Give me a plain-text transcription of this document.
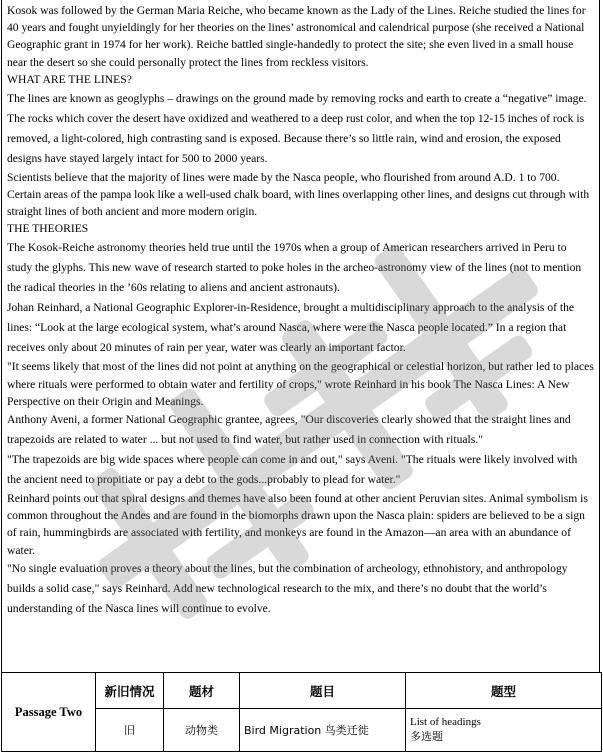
Kosok was followed by the German Maria Reiche, who became known as the Lady of the Lines. Reiche studied the lines for 40 years and fought unyieldingly for her theories on the lines’ astronomical and calendrical purpose (she received a National Geographic grant in 1974 for her work). Reiche battled single-handedly to protect the site; she even lived in a small house near the desert so she could personally protect the lines from reckless visitors.

WHAT ARE THE LINES?

The lines are known as geoglyphs – drawings on the ground made by removing rocks and earth to create a “negative” image. The rocks which cover the desert have oxidized and weathered to a deep rust color, and when the top 12-15 inches of rock is removed, a light-colored, high contrasting sand is exposed. Because there’s so little rain, wind and erosion, the exposed designs have stayed largely intact for 500 to 2000 years.

Scientists believe that the majority of lines were made by the Nasca people, who flourished from around A.D. 1 to 700.

Certain areas of the pampa look like a well-used chalk board, with lines overlapping other lines, and designs cut through with straight lines of both ancient and more modern origin.

THE THEORIES

The Kosok-Reiche astronomy theories held true until the 1970s when a group of American researchers arrived in Peru to study the glyphs. This new wave of research started to poke holes in the archeo-astronomy view of the lines (not to mention the radical theories in the ’60s relating to aliens and ancient astronauts).

Johan Reinhard, a National Geographic Explorer-in-Residence, brought a multidisciplinary approach to the analysis of the lines: “Look at the large ecological system, what’s around Nasca, where were the Nasca people located.” In a region that receives only about 20 minutes of rain per year, water was clearly an important factor.

"It seems likely that most of the lines did not point at anything on the geographical or celestial horizon, but rather led to places where rituals were performed to obtain water and fertility of crops," wrote Reinhard in his book The Nasca Lines: A New Perspective on their Origin and Meanings.

Anthony Aveni, a former National Geographic grantee, agrees, "Our discoveries clearly showed that the straight lines and trapezoids are related to water ... but not used to find water, but rather used in connection with rituals."

"The trapezoids are big wide spaces where people can come in and out," says Aveni. "The rituals were likely involved with the ancient need to propitiate or pay a debt to the gods...probably to plead for water."

Reinhard points out that spiral designs and themes have also been found at other ancient Peruvian sites. Animal symbolism is common throughout the Andes and are found in the biomorphs drawn upon the Nasca plain: spiders are believed to be a sign of rain, hummingbirds are associated with fertility, and monkeys are found in the Amazon—an area with an abundance of water.

"No single evaluation proves a theory about the lines, but the combination of archeology, ethnohistory, and anthropology builds a solid case," says Reinhard. Add new technological research to the mix, and there’s no doubt that the world’s understanding of the Nasca lines will continue to evolve.

Passage Two	新旧情况	题材	题目	题型
	旧	动物类	Bird Migration 鸟类迁徙	List of headings
多选题
